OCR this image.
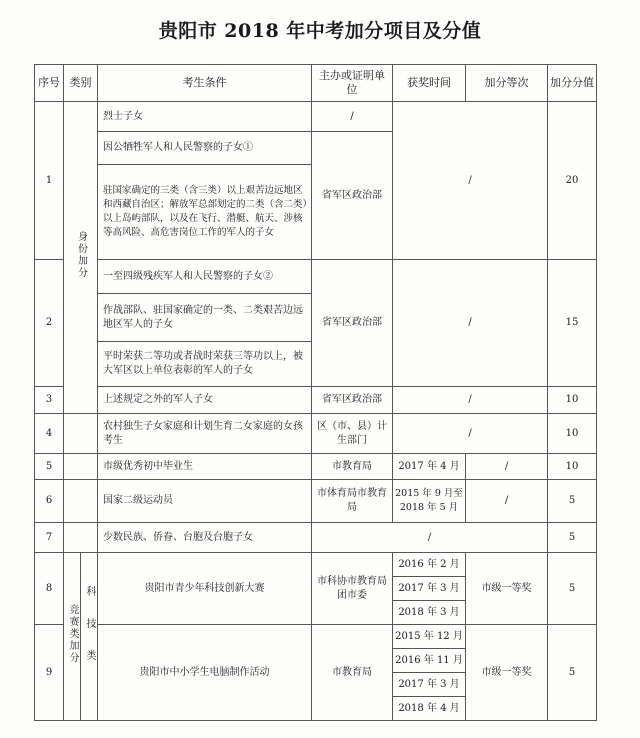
贵阳市 2018 年中考加分项目及分值
序号	类别		考生条件	主办或证明单位	获奖时间	加分等次	加分分值
1	身份加分		烈士子女	/	/		20
			因公牺牲军人和人民警察的子女①	省军区政治部			
			驻国家确定的三类（含三类）以上艰苦边远地区和西藏自治区；解放军总部划定的二类（含二类）以上岛屿部队，以及在飞行、潜艇、航天、涉核等高风险、高危害岗位工作的军人的子女				
2			一至四级残疾军人和人民警察的子女②	省军区政治部	/		15
			作战部队、驻国家确定的一类、二类艰苦边远地区军人的子女				
			平时荣获二等功或者战时荣获三等功以上，被大军区以上单位表彰的军人的子女				
3			上述规定之外的军人子女	省军区政治部	/		10
4			农村独生子女家庭和计划生育二女家庭的女孩考生	区（市、县）计生部门	/		10
5			市级优秀初中毕业生	市教育局	2017 年 4 月	/	10
6			国家二级运动员	市体育局市教育局	2015 年 9 月至 2018 年 5 月	/	5
7			少数民族、侨眷、台胞及台胞子女	/			5
8	竞赛类加分	科技类	贵阳市青少年科技创新大赛	市科协市教育局团市委	2016 年 2 月	市级一等奖	5
					2017 年 3 月		
					2018 年 3 月		
9			贵阳市中小学生电脑制作活动	市教育局	2015 年 12 月	市级一等奖	5
					2016 年 11 月		
					2017 年 3 月		
					2018 年 4 月		
